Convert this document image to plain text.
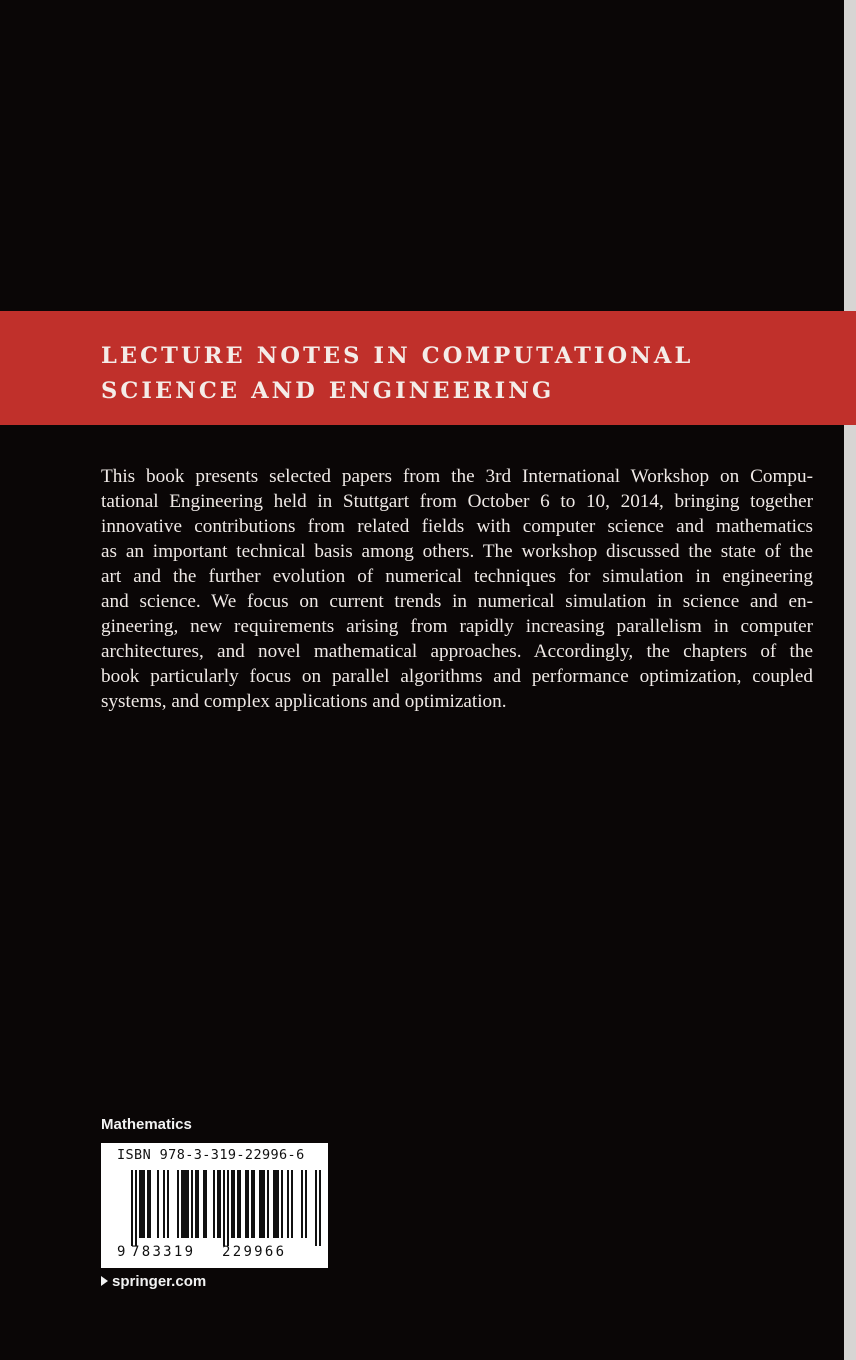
LECTURE NOTES IN COMPUTATIONAL
SCIENCE AND ENGINEERING

This book presents selected papers from the 3rd International Workshop on Compu-
tational Engineering held in Stuttgart from October 6 to 10, 2014, bringing together
innovative contributions from related fields with computer science and mathematics
as an important technical basis among others. The workshop discussed the state of the
art and the further evolution of numerical techniques for simulation in engineering
and science. We focus on current trends in numerical simulation in science and en-
gineering, new requirements arising from rapidly increasing parallelism in computer
architectures, and novel mathematical approaches. Accordingly, the chapters of the
book particularly focus on parallel algorithms and performance optimization, coupled
systems, and complex applications and optimization.

Mathematics
ISBN 978-3-319-22996-6
9 783319 229966
springer.com
